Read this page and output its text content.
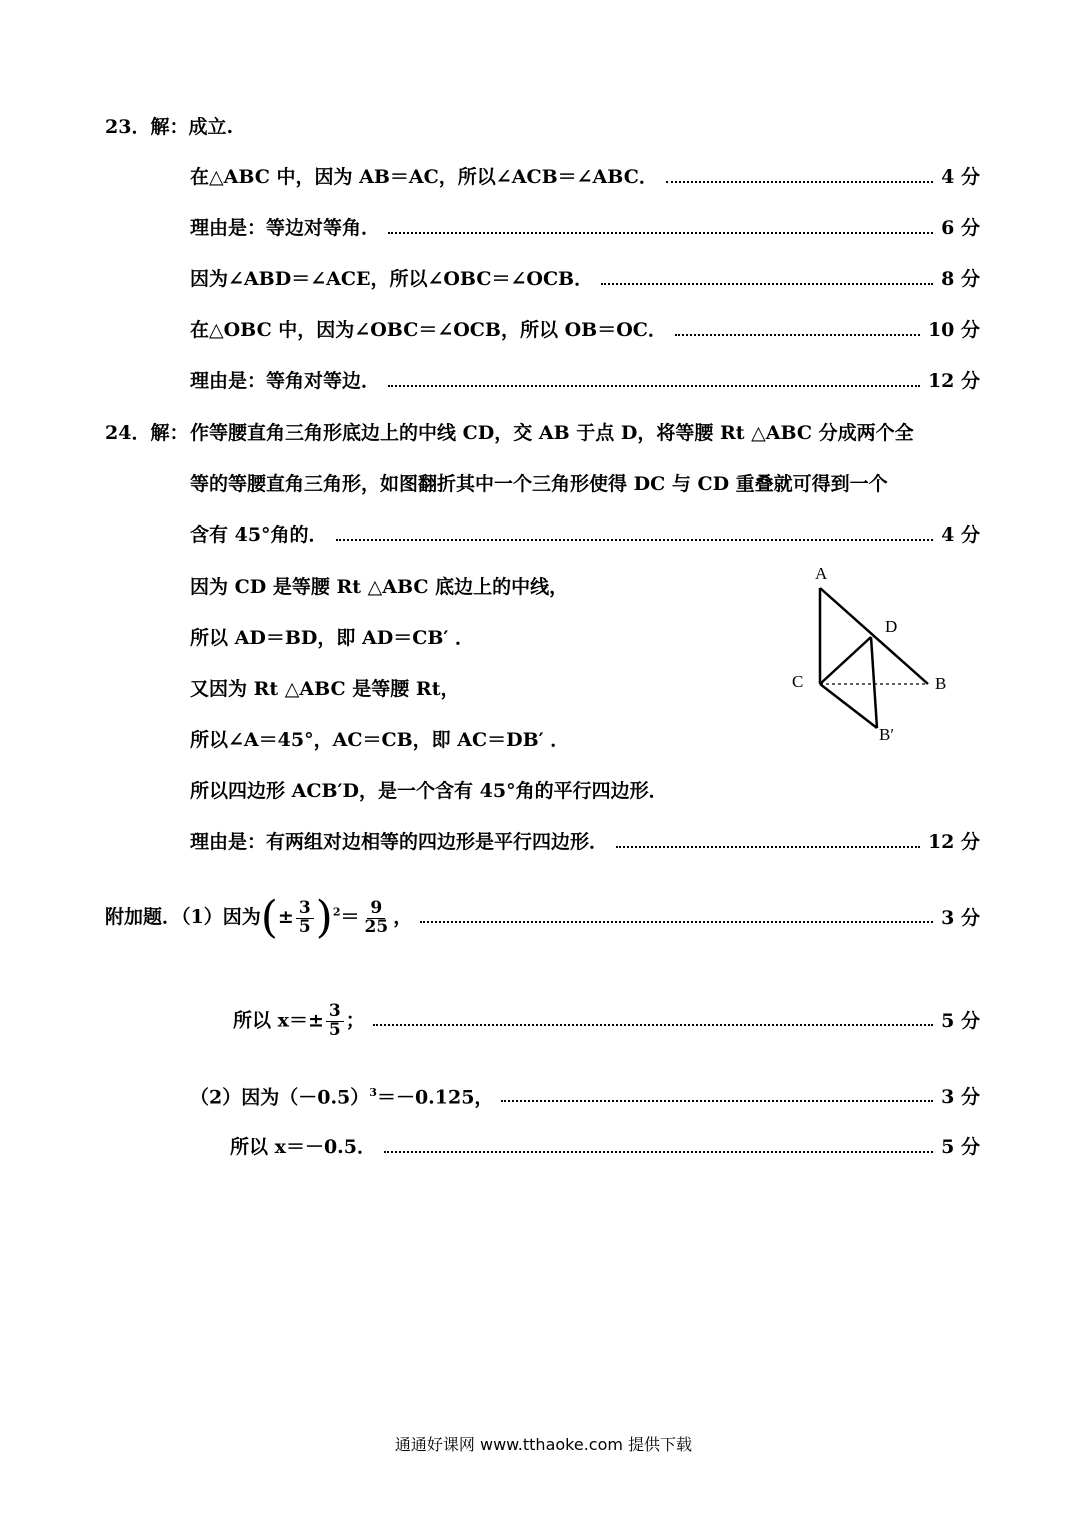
23．解：成立.
在△ABC 中，因为 AB＝AC，所以∠ACB＝∠ABC．	4 分
理由是：等边对等角．	6 分
因为∠ABD＝∠ACE，所以∠OBC＝∠OCB．	8 分
在△OBC 中，因为∠OBC＝∠OCB，所以 OB＝OC．	10 分
理由是：等角对等边．	12 分
24．解： 作等腰直角三角形底边上的中线 CD，交 AB 于点 D，将等腰 Rt △ABC 分成两个全
等的等腰直角三角形，如图翻折其中一个三角形使得 DC 与 CD 重叠就可得到一个
含有 45°角的．	4 分
因为 CD 是等腰 Rt △ABC 底边上的中线，
所以 AD＝BD，即 AD＝CB′ ．
又因为 Rt △ABC 是等腰 Rt，
所以∠A＝45°，AC＝CB，即 AC＝DB′ ．
所以四边形 ACB′D，是一个含有 45°角的平行四边形．
理由是：有两组对边相等的四边形是平行四边形．	12 分
A
D
C	B
B′
附加题．（1）因为(± $\frac{3}{5} )^2= \frac{9}{25}$ ，	3 分
所以 $x=\pm \frac{3}{5}$ ；	5 分
（2）因为$(-0.5)^3=-0.125$，	3 分
所以 x＝－0.5．	5 分
通通好课网 www.tthaoke.com 提供下载
